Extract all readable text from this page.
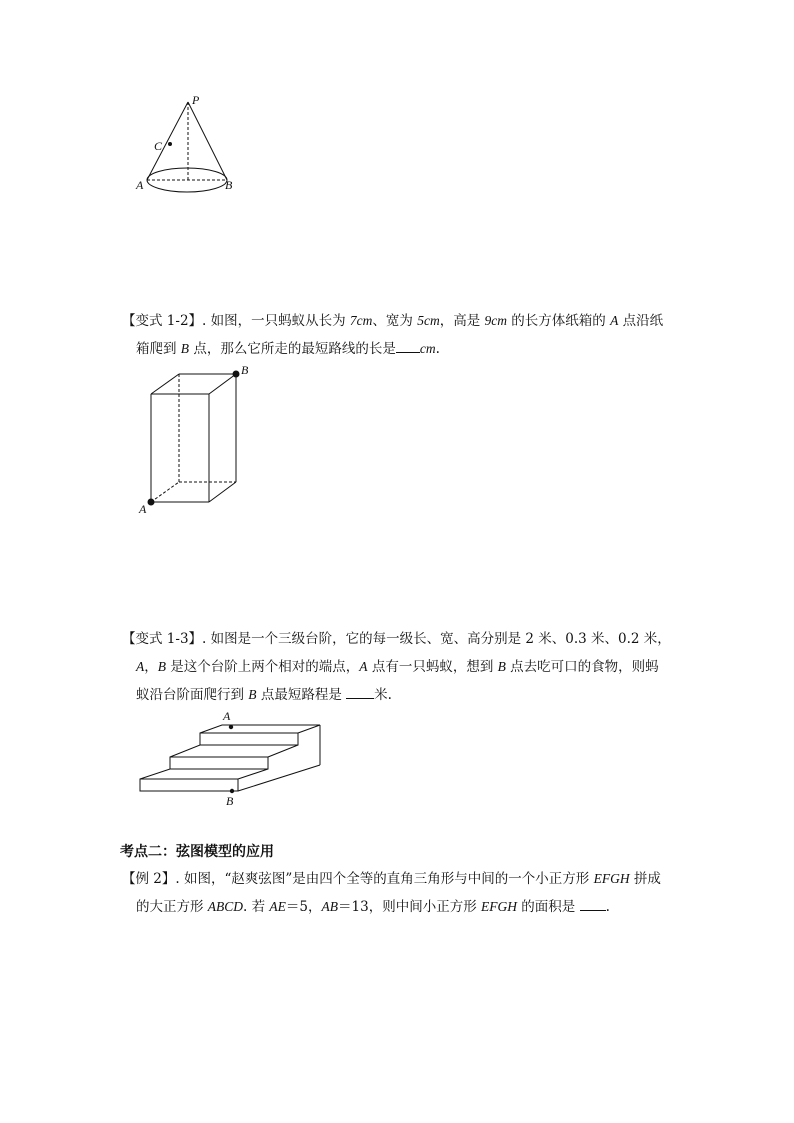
P
C
A	B
【变式 1-2】. 如图，一只蚂蚁从长为 7cm、宽为 5cm，高是 9cm 的长方体纸箱的 A 点沿纸
箱爬到 B 点，那么它所走的最短路线的长是 cm.
A
B
【变式 1-3】. 如图是一个三级台阶，它的每一级长、宽、高分别是 2 米、0.3 米、0.2 米，
A，B 是这个台阶上两个相对的端点，A 点有一只蚂蚁，想到 B 点去吃可口的食物，则蚂
蚁沿台阶面爬行到 B 点最短路程是 米.
A
B
考点二：弦图模型的应用
【例 2】. 如图，“赵爽弦图”是由四个全等的直角三角形与中间的一个小正方形 EFGH 拼成
的大正方形 ABCD. 若 AE＝5，AB＝13，则中间小正方形 EFGH 的面积是 .
